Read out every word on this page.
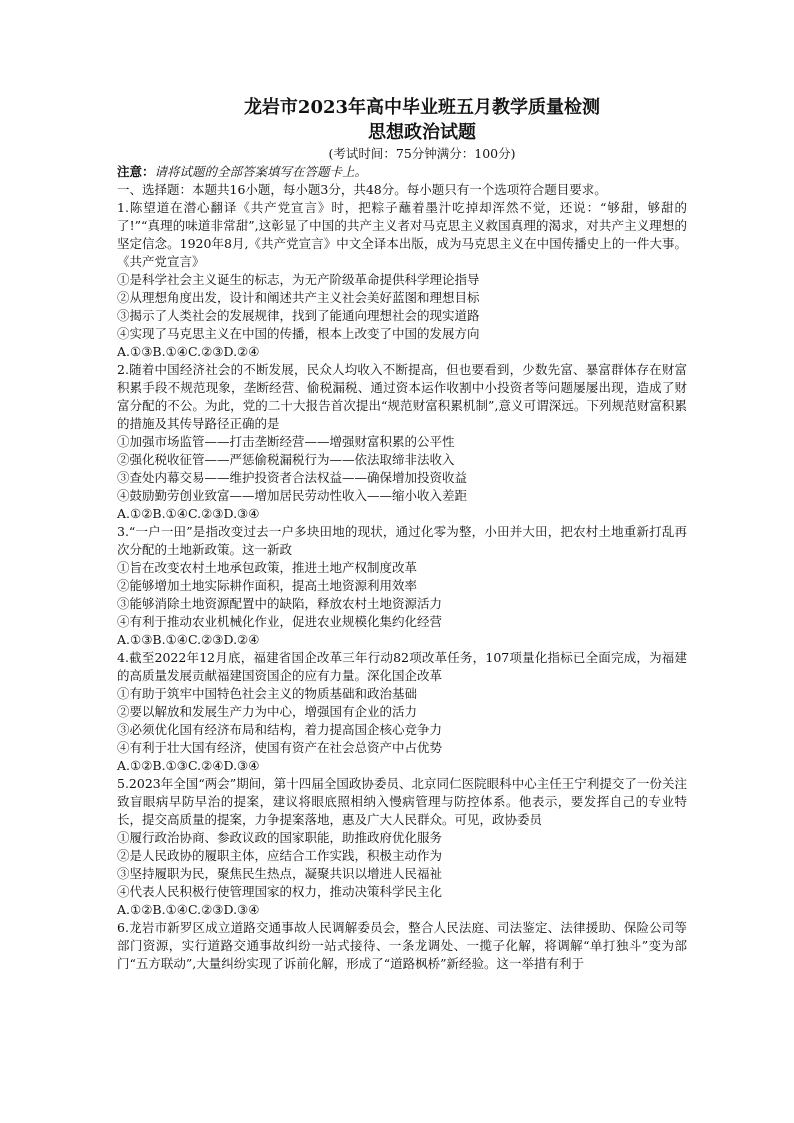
龙岩市2023年高中毕业班五月教学质量检测
思想政治试题
(考试时间：75分钟满分：100分)
注意：请将试题的全部答案填写在答题卡上。
一、选择题：本题共16小题，每小题3分，共48分。每小题只有一个选项符合题目要求。
1.陈望道在潜心翻译《共产党宣言》时，把粽子蘸着墨汁吃掉却浑然不觉，还说：“够甜，够甜的了!”“真理的味道非常甜”,这彰显了中国的共产主义者对马克思主义救国真理的渴求，对共产主义理想的坚定信念。1920年8月,《共产党宣言》中文全译本出版，成为马克思主义在中国传播史上的一件大事。《共产党宣言》
①是科学社会主义诞生的标志，为无产阶级革命提供科学理论指导
②从理想角度出发，设计和阐述共产主义社会美好蓝图和理想目标
③揭示了人类社会的发展规律，找到了能通向理想社会的现实道路
④实现了马克思主义在中国的传播，根本上改变了中国的发展方向
A.①③B.①④C.②③D.②④
2.随着中国经济社会的不断发展，民众人均收入不断提高，但也要看到，少数先富、暴富群体存在财富积累手段不规范现象，垄断经营、偷税漏税、通过资本运作收割中小投资者等问题屡屡出现，造成了财富分配的不公。为此，党的二十大报告首次提出“规范财富积累机制”,意义可谓深远。下列规范财富积累的措施及其传导路径正确的是
①加强市场监管——打击垄断经营——增强财富积累的公平性
②强化税收征管——严惩偷税漏税行为——依法取缔非法收入
③查处内幕交易——维护投资者合法权益——确保增加投资收益
④鼓励勤劳创业致富——增加居民劳动性收入——缩小收入差距
A.①②B.①④C.②③D.③④
3.“一户一田”是指改变过去一户多块田地的现状，通过化零为整，小田并大田，把农村土地重新打乱再次分配的土地新政策。这一新政
①旨在改变农村土地承包政策，推进土地产权制度改革
②能够增加土地实际耕作面积，提高土地资源利用效率
③能够消除土地资源配置中的缺陷，释放农村土地资源活力
④有利于推动农业机械化作业，促进农业规模化集约化经营
A.①③B.①④C.②③D.②④
4.截至2022年12月底，福建省国企改革三年行动82项改革任务，107项量化指标已全面完成，为福建的高质量发展贡献福建国资国企的应有力量。深化国企改革
①有助于筑牢中国特色社会主义的物质基础和政治基础
②要以解放和发展生产力为中心，增强国有企业的活力
③必须优化国有经济布局和结构，着力提高国企核心竞争力
④有利于壮大国有经济，使国有资产在社会总资产中占优势
A.①②B.①③C.②④D.③④
5.2023年全国“两会”期间，第十四届全国政协委员、北京同仁医院眼科中心主任王宁利提交了一份关注致盲眼病早防早治的提案，建议将眼底照相纳入慢病管理与防控体系。他表示，要发挥自己的专业特长，提交高质量的提案，力争提案落地，惠及广大人民群众。可见，政协委员
①履行政治协商、参政议政的国家职能，助推政府优化服务
②是人民政协的履职主体，应结合工作实践，积极主动作为
③坚持履职为民，聚焦民生热点，凝聚共识以增进人民福祉
④代表人民积极行使管理国家的权力，推动决策科学民主化
A.①②B.①④C.②③D.③④
6.龙岩市新罗区成立道路交通事故人民调解委员会，整合人民法庭、司法鉴定、法律援助、保险公司等部门资源，实行道路交通事故纠纷一站式接待、一条龙调处、一揽子化解，将调解“单打独斗”变为部门“五方联动”,大量纠纷实现了诉前化解，形成了“道路枫桥”新经验。这一举措有利于
